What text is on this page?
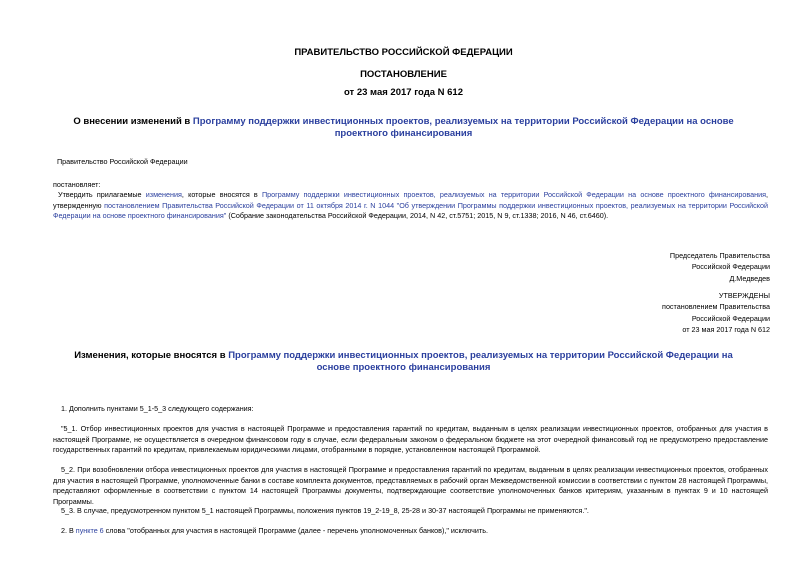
ПРАВИТЕЛЬСТВО РОССИЙСКОЙ ФЕДЕРАЦИИ
ПОСТАНОВЛЕНИЕ
от 23 мая 2017 года N 612
О внесении изменений в Программу поддержки инвестиционных проектов, реализуемых на территории Российской Федерации на основе проектного финансирования
Правительство Российской Федерации
постановляет:
Утвердить прилагаемые изменения, которые вносятся в Программу поддержки инвестиционных проектов, реализуемых на территории Российской Федерации на основе проектного финансирования, утвержденную постановлением Правительства Российской Федерации от 11 октября 2014 г. N 1044 "Об утверждении Программы поддержки инвестиционных проектов, реализуемых на территории Российской Федерации на основе проектного финансирования" (Собрание законодательства Российской Федерации, 2014, N 42, ст.5751; 2015, N 9, ст.1338; 2016, N 46, ст.6460).
Председатель Правительства
Российской Федерации
Д.Медведев
УТВЕРЖДЕНЫ
постановлением Правительства
Российской Федерации
от 23 мая 2017 года N 612
Изменения, которые вносятся в Программу поддержки инвестиционных проектов, реализуемых на территории Российской Федерации на основе проектного финансирования
1. Дополнить пунктами 5_1-5_3 следующего содержания:
"5_1. Отбор инвестиционных проектов для участия в настоящей Программе и предоставления гарантий по кредитам, выданным в целях реализации инвестиционных проектов, отобранных для участия в настоящей Программе, не осуществляется в очередном финансовом году в случае, если федеральным законом о федеральном бюджете на этот очередной финансовый год не предусмотрено предоставление государственных гарантий по кредитам, привлекаемым юридическими лицами, отобранными в порядке, установленном настоящей Программой.
5_2. При возобновлении отбора инвестиционных проектов для участия в настоящей Программе и предоставления гарантий по кредитам, выданным в целях реализации инвестиционных проектов, отобранных для участия в настоящей Программе, уполномоченные банки в составе комплекта документов, представляемых в рабочий орган Межведомственной комиссии в соответствии с пунктом 28 настоящей Программы, представляют оформленные в соответствии с пунктом 14 настоящей Программы документы, подтверждающие соответствие уполномоченных банков критериям, указанным в пунктах 9 и 10 настоящей Программы.
5_3. В случае, предусмотренном пунктом 5_1 настоящей Программы, положения пунктов 19_2-19_8, 25-28 и 30-37 настоящей Программы не применяются.".
2. В пункте 6 слова "отобранных для участия в настоящей Программе (далее - перечень уполномоченных банков)," исключить.
